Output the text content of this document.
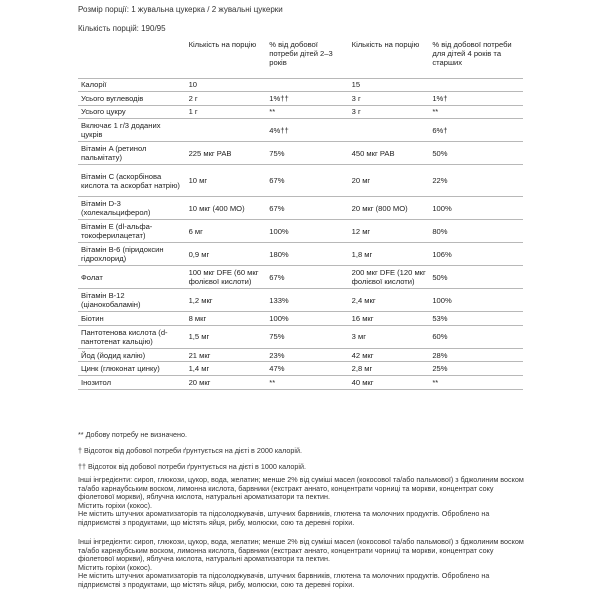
Розмір порції: 1 жувальна цукерка / 2 жувальні цукерки
Кількість порцій: 190/95
	Кількість на порцію	% від добової потреби дітей 2–3 років	Кількість на порцію	% від добової потреби для дітей 4 років та старших
Калорії	10		15	
Усього вуглеводів	2 г	1%††	3 г	1%†
Усього цукру	1 г	**	3 г	**
Включає 1 г/3 доданих цукрів		4%††		6%†
Вітамін A (ретинол пальмітату)	225 мкг РАВ	75%	450 мкг РАВ	50%
Вітамін C (аскорбінова кислота та аскорбат натрію)	10 мг	67%	20 мг	22%
Вітамін D-3 (холекальциферол)	10 мкг (400 МО)	67%	20 мкг (800 МО)	100%
Вітамін E (dl-альфа-токоферилацетат)	6 мг	100%	12 мг	80%
Вітамін B-6 (піридоксин гідрохлорид)	0,9 мг	180%	1,8 мг	106%
Фолат	100 мкг DFE (60 мкг фолієвої кислоти)	67%	200 мкг DFE (120 мкг фолієвої кислоти)	50%
Вітамін B-12 (ціанокобаламін)	1,2 мкг	133%	2,4 мкг	100%
Біотин	8 мкг	100%	16 мкг	53%
Пантотенова кислота (d-пантотенат кальцію)	1,5 мг	75%	3 мг	60%
Йод (йодид калію)	21 мкг	23%	42 мкг	28%
Цинк (глюконат цинку)	1,4 мг	47%	2,8 мг	25%
Інозитол	20 мкг	**	40 мкг	**
** Добову потребу не визначено.
† Відсоток від добової потреби ґрунтується на дієті в 2000 калорій.
†† Відсоток від добової потреби ґрунтується на дієті в 1000 калорій.

Інші інгредієнти: сироп, глюкози, цукор, вода, желатин; менше 2% від суміші масел (кокосової та/або пальмової) з бджолиним воском та/або карнаубським воском, лимонна кислота, барвники (екстракт аннато, концентрати чорниці та моркви, концентрат соку фіолетової моркви), яблучна кислота, натуральні ароматизатори та пектин.

Містить горіхи (кокос).

Не містить штучних ароматизаторів та підсолоджувачів, штучних барвників, глютена та молочних продуктів. Оброблено на підприємстві з продуктами, що містять яйця, рибу, молюски, сою та деревні горіхи.

Інші інгредієнти: сироп, глюкози, цукор, вода, желатин; менше 2% від суміші масел (кокосової та/або пальмової) з бджолиним воском та/або карнаубським воском, лимонна кислота, барвники (екстракт аннато, концентрати чорниці та моркви, концентрат соку фіолетової моркви), яблучна кислота, натуральні ароматизатори та пектин.

Містить горіхи (кокос).

Не містить штучних ароматизаторів та підсолоджувачів, штучних барвників, глютена та молочних продуктів. Оброблено на підприємстві з продуктами, що містять яйця, рибу, молюски, сою та деревні горіхи.
